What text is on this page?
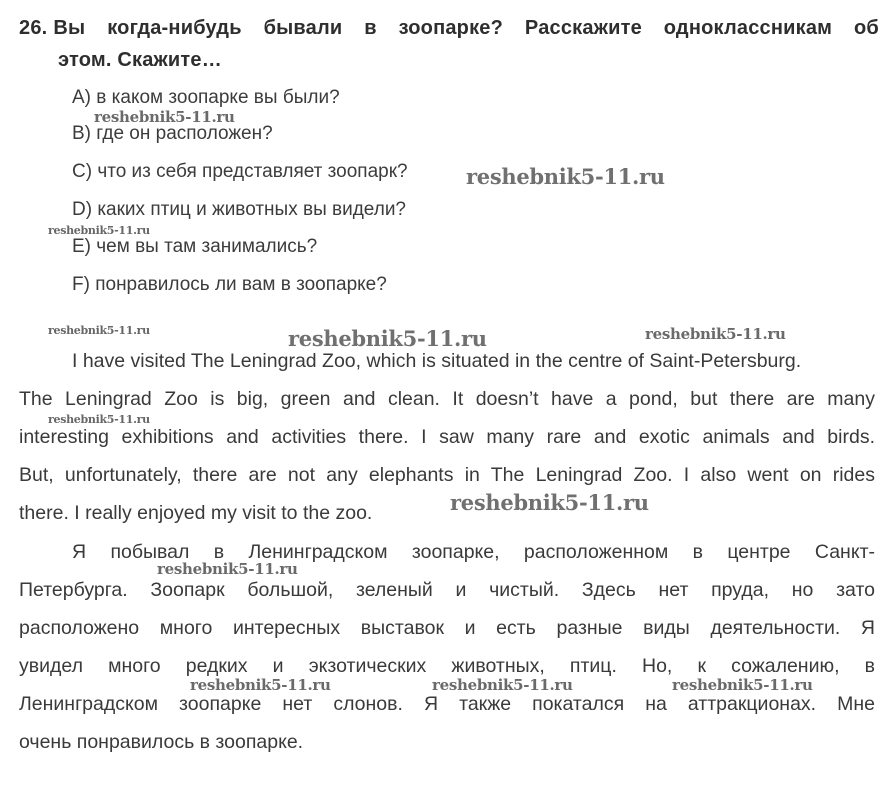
26. Вы когда-нибудь бывали в зоопарке? Расскажите одноклассникам об
этом. Скажите…
A) в каком зоопарке вы были?
B) где он расположен?
C) что из себя представляет зоопарк?
D) каких птиц и животных вы видели?
E) чем вы там занимались?
F) понравилось ли вам в зоопарке?
I have visited The Leningrad Zoo, which is situated in the centre of Saint-Petersburg.
The Leningrad Zoo is big, green and clean. It doesn’t have a pond, but there are many
interesting exhibitions and activities there. I saw many rare and exotic animals and birds.
But, unfortunately, there are not any elephants in The Leningrad Zoo. I also went on rides
there. I really enjoyed my visit to the zoo.
Я побывал в Ленинградском зоопарке, расположенном в центре Санкт-
Петербурга. Зоопарк большой, зеленый и чистый. Здесь нет пруда, но зато
расположено много интересных выставок и есть разные виды деятельности. Я
увидел много редких и экзотических животных, птиц. Но, к сожалению, в
Ленинградском зоопарке нет слонов. Я также покатался на аттракционах. Мне
очень понравилось в зоопарке.
reshebnik5-11.ru
reshebnik5-11.ru
reshebnik5-11.ru
reshebnik5-11.ru	reshebnik5-11.ru	reshebnik5-11.ru
reshebnik5-11.ru
reshebnik5-11.ru
reshebnik5-11.ru
reshebnik5-11.ru	reshebnik5-11.ru	reshebnik5-11.ru
